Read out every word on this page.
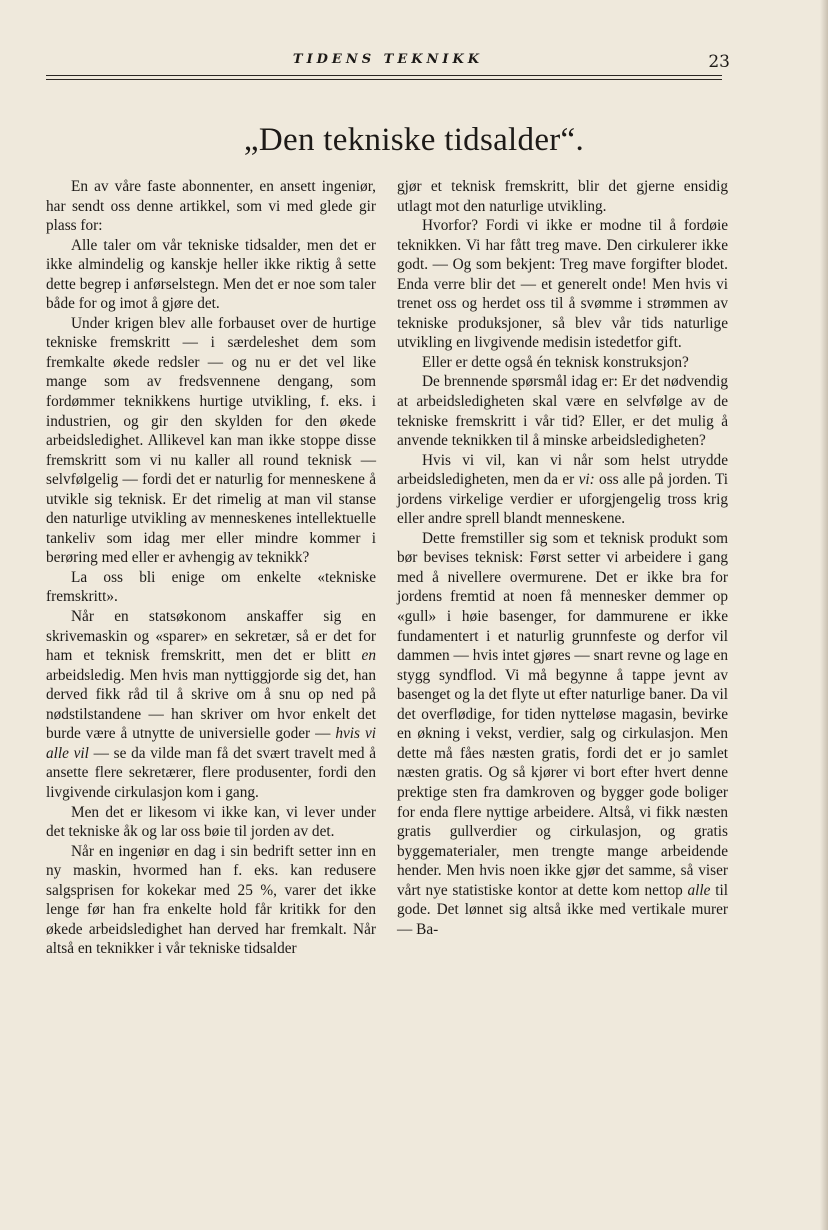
TIDENS TEKNIKK	23
„Den tekniske tidsalder“.

En av våre faste abonnenter, en ansett ingeniør, har sendt oss denne artikkel, som vi med glede gir plass for:

Alle taler om vår tekniske tidsalder, men det er ikke almindelig og kanskje heller ikke riktig å sette dette begrep i anførselstegn. Men det er noe som taler både for og imot å gjøre det.

Under krigen blev alle forbauset over de hurtige tekniske fremskritt — i særdeleshet dem som fremkalte økede redsler — og nu er det vel like mange som av fredsvennene dengang, som fordømmer teknikkens hurtige utvikling, f. eks. i industrien, og gir den skylden for den økede arbeidsledighet. Allikevel kan man ikke stoppe disse fremskritt som vi nu kaller all round teknisk — selvfølgelig — fordi det er naturlig for menneskene å utvikle sig teknisk. Er det rimelig at man vil stanse den naturlige utvikling av menneskenes intellektuelle tankeliv som idag mer eller mindre kommer i berøring med eller er avhengig av teknikk?

La oss bli enige om enkelte «tekniske fremskritt».

Når en statsøkonom anskaffer sig en skrivemaskin og «sparer» en sekretær, så er det for ham et teknisk fremskritt, men det er blitt en arbeidsledig. Men hvis man nyttiggjorde sig det, han derved fikk råd til å skrive om å snu op ned på nødstilstandene — han skriver om hvor enkelt det burde være å utnytte de universielle goder — hvis vi alle vil — se da vilde man få det svært travelt med å ansette flere sekretærer, flere produsenter, fordi den livgivende cirkulasjon kom i gang.

Men det er likesom vi ikke kan, vi lever under det tekniske åk og lar oss bøie til jorden av det.

Når en ingeniør en dag i sin bedrift setter inn en ny maskin, hvormed han f. eks. kan redusere salgsprisen for kokekar med 25 %, varer det ikke lenge før han fra enkelte hold får kritikk for den økede arbeidsledighet han derved har fremkalt. Når altså en teknikker i vår tekniske tidsalder

gjør et teknisk fremskritt, blir det gjerne ensidig utlagt mot den naturlige utvikling.

Hvorfor? Fordi vi ikke er modne til å fordøie teknikken. Vi har fått treg mave. Den cirkulerer ikke godt. — Og som bekjent: Treg mave forgifter blodet. Enda verre blir det — et generelt onde! Men hvis vi trenet oss og herdet oss til å svømme i strømmen av tekniske produksjoner, så blev vår tids naturlige utvikling en livgivende medisin istedetfor gift.

Eller er dette også én teknisk konstruksjon?

De brennende spørsmål idag er: Er det nødvendig at arbeidsledigheten skal være en selvfølge av de tekniske fremskritt i vår tid? Eller, er det mulig å anvende teknikken til å minske arbeidsledigheten?

Hvis vi vil, kan vi når som helst utrydde arbeidsledigheten, men da er vi: oss alle på jorden. Ti jordens virkelige verdier er uforgjengelig tross krig eller andre sprell blandt menneskene.

Dette fremstiller sig som et teknisk produkt som bør bevises teknisk: Først setter vi arbeidere i gang med å nivellere overmurene. Det er ikke bra for jordens fremtid at noen få mennesker demmer op «gull» i høie basenger, for dammurene er ikke fundamentert i et naturlig grunnfeste og derfor vil dammen — hvis intet gjøres — snart revne og lage en stygg syndflod. Vi må begynne å tappe jevnt av basenget og la det flyte ut efter naturlige baner. Da vil det overflødige, for tiden nytteløse magasin, bevirke en økning i vekst, verdier, salg og cirkulasjon. Men dette må fåes næsten gratis, fordi det er jo samlet næsten gratis. Og så kjører vi bort efter hvert denne prektige sten fra damkroven og bygger gode boliger for enda flere nyttige arbeidere. Altså, vi fikk næsten gratis gullverdier og cirkulasjon, og gratis byggematerialer, men trengte mange arbeidende hender. Men hvis noen ikke gjør det samme, så viser vårt nye statistiske kontor at dette kom nettop alle til gode. Det lønnet sig altså ikke med vertikale murer — Ba-
